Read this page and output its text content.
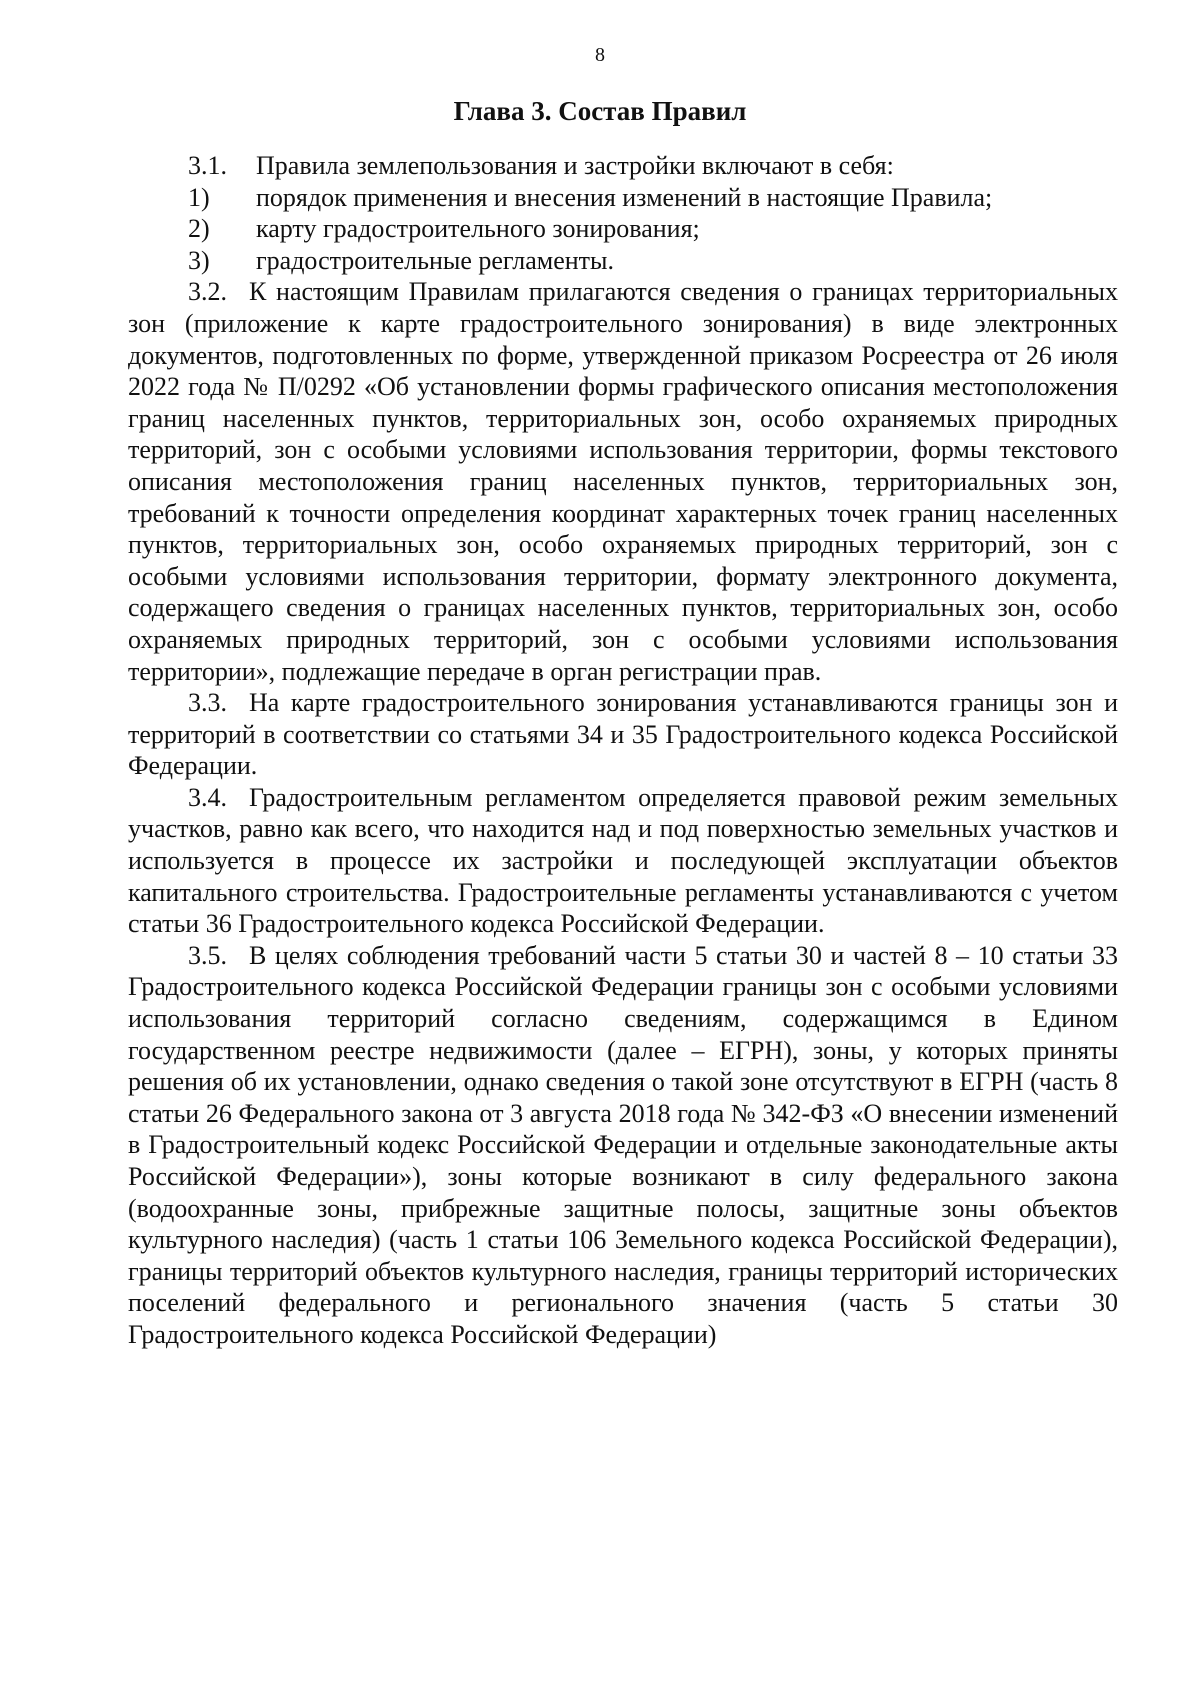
8
Глава 3. Состав Правил

3.1. Правила землепользования и застройки включают в себя:

1) порядок применения и внесения изменений в настоящие Правила;

2) карту градостроительного зонирования;

3) градостроительные регламенты.

3.2. К настоящим Правилам прилагаются сведения о границах территориальных зон (приложение к карте градостроительного зонирования) в виде электронных документов, подготовленных по форме, утвержденной приказом Росреестра от 26 июля 2022 года № П/0292 «Об установлении формы графического описания местоположения границ населенных пунктов, территориальных зон, особо охраняемых природных территорий, зон с особыми условиями использования территории, формы текстового описания местоположения границ населенных пунктов, территориальных зон, требований к точности определения координат характерных точек границ населенных пунктов, территориальных зон, особо охраняемых природных территорий, зон с особыми условиями использования территории, формату электронного документа, содержащего сведения о границах населенных пунктов, территориальных зон, особо охраняемых природных территорий, зон с особыми условиями использования территории», подлежащие передаче в орган регистрации прав.

3.3. На карте градостроительного зонирования устанавливаются границы зон и территорий в соответствии со статьями 34 и 35 Градостроительного кодекса Российской Федерации.

3.4. Градостроительным регламентом определяется правовой режим земельных участков, равно как всего, что находится над и под поверхностью земельных участков и используется в процессе их застройки и последующей эксплуатации объектов капитального строительства. Градостроительные регламенты устанавливаются с учетом статьи 36 Градостроительного кодекса Российской Федерации.

3.5. В целях соблюдения требований части 5 статьи 30 и частей 8 – 10 статьи 33 Градостроительного кодекса Российской Федерации границы зон с особыми условиями использования территорий согласно сведениям, содержащимся в Едином государственном реестре недвижимости (далее – ЕГРН), зоны, у которых приняты решения об их установлении, однако сведения о такой зоне отсутствуют в ЕГРН (часть 8 статьи 26 Федерального закона от 3 августа 2018 года № 342-ФЗ «О внесении изменений в Градостроительный кодекс Российской Федерации и отдельные законодательные акты Российской Федерации»), зоны которые возникают в силу федерального закона (водоохранные зоны, прибрежные защитные полосы, защитные зоны объектов культурного наследия) (часть 1 статьи 106 Земельного кодекса Российской Федерации), границы территорий объектов культурного наследия, границы территорий исторических поселений федерального и регионального значения (часть 5 статьи 30 Градостроительного кодекса Российской Федерации)
